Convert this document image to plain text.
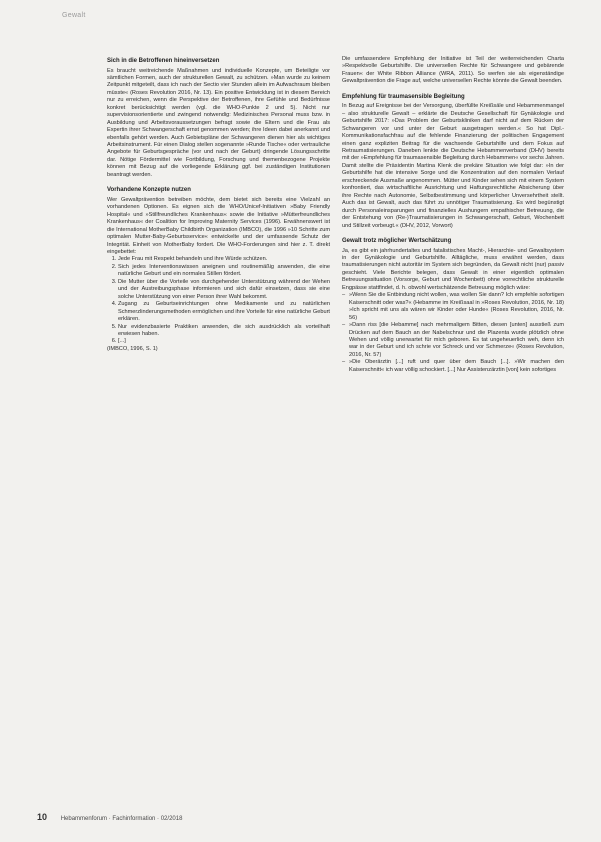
Gewalt
Sich in die Betroffenen hineinversetzen

Es braucht weitreichende Maßnahmen und individuelle Konzepte, um Beteiligte vor sämtlichen Formen, auch der strukturellen Gewalt, zu schützen. »Man wurde zu keinem Zeitpunkt mitgeteilt, dass ich nach der Sectio vier Stunden allein im Aufwachraum bleiben müsste« (Roses Revolution 2016, Nr. 13). Ein positive Entwicklung ist in diesem Bereich nur zu erreichen, wenn die Perspektive der Betroffenen, ihre Gefühle und Bedürfnisse konkret berücksichtigt werden (vgl. die WHO-Punkte 2 und 5). Nicht nur supervisionsorientierte und zwingend notwendig: Medizinisches Personal muss bzw. in Ausbildung und Arbeitsvoraussetzungen befragt sowie die Eltern und die Frau als Expertin ihrer Schwangerschaft ernst genommen werden; ihre Ideen dabei anerkannt und ebenfalls gehört werden. Auch Gebietspläne der Schwangeren dienen hier als wichtiges Arbeitsinstrument. Für einen Dialog stellen sogenannte »Runde Tische« oder vertrauliche Angebote für Geburtsgespräche (vor und nach der Geburt) dringende Lösungsschritte dar. Nötige Fördermittel wie Fortbildung, Forschung und themenbezogene Projekte können mit Bezug auf die vorliegende Erklärung ggf. bei zuständigen Institutionen beantragt werden.

Vorhandene Konzepte nutzen

Wer Gewaltprävention betreiben möchte, dem bietet sich bereits eine Vielzahl an vorhandenen Optionen. Es eignen sich die WHO/Unicef-Initiativen »Baby Friendly Hospital« und »Stillfreundliches Krankenhaus« sowie die Initiative »Mütterfreundliches Krankenhaus« der Coalition for Improving Maternity Services (1996). Erwähnenswert ist die International MotherBaby Childbirth Organization (IMBCO), die 1996 »10 Schritte zum optimalen Mutter-Baby-Geburtsservice« entwickelte und der umfassende Schutz der Integrität. Einheit von MotherBaby fordert. Die WHO-Forderungen sind hier z. T. direkt eingebettet:

1. Jede Frau mit Respekt behandeln und ihre Würde schützen.
2. Sich jedes Interventionswissen aneignen und routinemäßig anwenden, die eine natürliche Geburt und ein normales Stillen fördert.
3. Die Mutter über die Vorteile von durchgehender Unterstützung während der Wehen und der Austreibungsphase informieren und sich dafür einsetzen, dass sie eine solche Unterstützung von einer Person ihrer Wahl bekommt.
4. Zugang zu Geburtseinrichtungen ohne Medikamente und zu natürlichen Schmerzlinderungsmethoden ermöglichen und ihre Vorteile für eine natürliche Geburt erklären.
5. Nur evidenzbasierte Praktiken anwenden, die sich ausdrücklich als vorteilhaft erwiesen haben.
6. [...]

(IMBCO, 1996, S. 1)

Die umfassendere Empfehlung der Initiative ist Teil der weiterreichenden Charta »Respektvolle Geburtshilfe. Die universellen Rechte für Schwangere und gebärende Frauen« der White Ribbon Alliance (WRA, 2011). So werfen sie als eigenständige Gewaltprävention die Frage auf, welche universellen Rechte könnte die Gewalt beenden.

Empfehlung für traumasensible Begleitung

In Bezug auf Ereignisse bei der Versorgung, überfüllte Kreißsäle und Hebammenmangel – also strukturelle Gewalt – erklärte die Deutsche Gesellschaft für Gynäkologie und Geburtshilfe 2017: »Das Problem der Geburtskliniken darf nicht auf dem Rücken der Schwangeren vor und unter der Geburt ausgetragen werden.« So hat Dipl.-Kommunikationsfachfrau auf die fehlende Finanzierung der politischen Engagement einen ganz expliziten Beitrag für die wachsende Geburtshilfe und dem Fokus auf Retraumatisierungen. Daneben lenkte die Deutsche Hebammenverband (DHV) bereits mit der »Empfehlung für traumasensible Begleitung durch Hebammen« vor sechs Jahren. Damit stellte die Präsidentin Martina Klenk die prekäre Situation wie folgt dar: »In der Geburtshilfe hat die intensive Sorge und die Konzentration auf den normalen Verlauf erschreckende Ausmaße angenommen. Mütter und Kinder sehen sich mit einem System konfrontiert, das wirtschaftliche Ausrichtung und Haftungsrechtliche Absicherung über ihre Rechte nach Autonomie, Selbstbestimmung und körperlicher Unversehrtheit stellt. Auch das ist Gewalt, auch das führt zu unnötiger Traumatisierung. Es wird begünstigt durch Personaleinsparungen und finanzielles Aushungern empathischer Betreuung, die der Entstehung von (Re-)Traumatisierungen in Schwangerschaft, Geburt, Wochenbett und Stillzeit vorbeugt.« (DHV, 2012, Vorwort)

Gewalt trotz möglicher Wertschätzung

Ja, es gibt ein jahrhundertaltes und fatalistisches Macht-, Hierarchie- und Gewaltsystem in der Gynäkologie und Geburtshilfe. Alltägliche, muss erwähnt werden, dass traumatisierungen nicht autoritär im System sich begründen, da Gewalt nicht (nur) passiv geschieht. Viele Berichte belegen, dass Gewalt in einer eigentlich optimalen Betreuungssituation (Vorsorge, Geburt und Wochenbett) ohne vorrechtliche strukturelle Engpässe stattfindet, d. h. obwohl wertschätzende Betreuung möglich wäre:

– »Wenn Sie die Entbindung nicht wollen, was wollen Sie dann? Ich empfehle sofortigen Kaiserschnitt oder was?« (Hebamme im Kreißsaal in »Roses Revolution, 2016, Nr. 18) »Ich spricht mit uns als wären wir Kinder oder Hunde« (Roses Revolution, 2016, Nr. 56)
– »Dann riss [die Hebamme] nach mehrmaligem Bitten, diesen [unten] ausstieß zum Drücken auf dem Bauch an der Nabelschnur und die Plazenta wurde plötzlich ohne Wehen und völlig unerwartet für mich geboren. Es tat ungeheuerlich weh, denn ich war in der Geburt und ich schrie vor Schreck und vor Schmerze« (Roses Revolution, 2016, Nr. 57)
– »Die Oberärztin [...] ruft und quer über dem Bauch [...]. »Wir machen den Kaiserschnitt« ich war völlig schockiert. [...] Nur Assistenzärztin [von] kein sofortiges
10 Hebammenforum · Fachinformation · 02/2018
